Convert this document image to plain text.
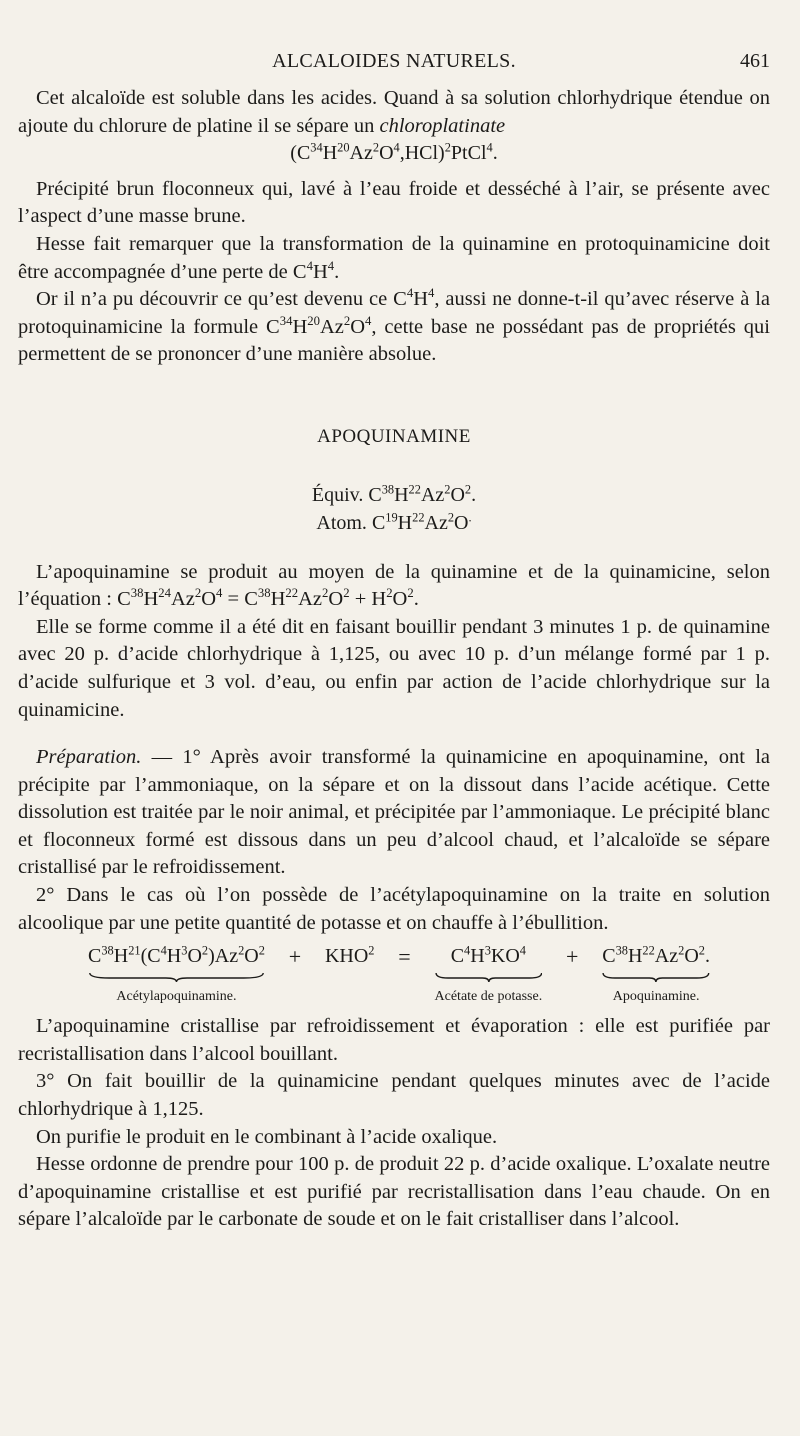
ALCALOIDES NATURELS.	461

Cet alcaloïde est soluble dans les acides. Quand à sa solution chlorhydrique étendue on ajoute du chlorure de platine il se sépare un chloroplatinate

$(C^{34}H^{20}Az^2O^4,HCl)^2PtCl^4$.

Précipité brun floconneux qui, lavé à l’eau froide et desséché à l’air, se présente avec l’aspect d’une masse brune.

Hesse fait remarquer que la transformation de la quinamine en protoquinamicine doit être accompagnée d’une perte de $C^4H^4$.

Or il n’a pu découvrir ce qu’est devenu ce $C^4H^4$, aussi ne donne-t-il qu’avec réserve à la protoquinamicine la formule $C^{34}H^{20}Az^2O^4$, cette base ne possédant pas de propriétés qui permettent de se prononcer d’une manière absolue.

APOQUINAMINE

Équiv. $C^{38}H^{22}Az^2O^2$.
Atom. $C^{19}H^{22}Az^2O^.$

L’apoquinamine se produit au moyen de la quinamine et de la quinamicine, selon l’équation : $C^{38}H^{24}Az^2O^4 = C^{38}H^{22}Az^2O^2 + H^2O^2$.

Elle se forme comme il a été dit en faisant bouillir pendant 3 minutes 1 p. de quinamine avec 20 p. d’acide chlorhydrique à 1,125, ou avec 10 p. d’un mélange formé par 1 p. d’acide sulfurique et 3 vol. d’eau, ou enfin par action de l’acide chlorhydrique sur la quinamicine.

Préparation. — 1° Après avoir transformé la quinamicine en apoquinamine, ont la précipite par l’ammoniaque, on la sépare et on la dissout dans l’acide acétique. Cette dissolution est traitée par le noir animal, et précipitée par l’ammoniaque. Le précipité blanc et floconneux formé est dissous dans un peu d’alcool chaud, et l’alcaloïde se sépare cristallisé par le refroidissement.

2° Dans le cas où l’on possède de l’acétylapoquinamine on la traite en solution alcoolique par une petite quantité de potasse et on chauffe à l’ébullition.

$C^{38}H^{21}(C^4H^3O^2)Az^2O^2$
Acétylapoquinamine.
+ $KHO^2 = C^4H^3KO^4$
Acétate de potasse.
+ $C^{38}H^{22}Az^2O^2$.
Apoquinamine.

L’apoquinamine cristallise par refroidissement et évaporation : elle est purifiée par recristallisation dans l’alcool bouillant.

3° On fait bouillir de la quinamicine pendant quelques minutes avec de l’acide chlorhydrique à 1,125.

On purifie le produit en le combinant à l’acide oxalique.

Hesse ordonne de prendre pour 100 p. de produit 22 p. d’acide oxalique. L’oxalate neutre d’apoquinamine cristallise et est purifié par recristallisation dans l’eau chaude. On en sépare l’alcaloïde par le carbonate de soude et on le fait cristalliser dans l’alcool.
